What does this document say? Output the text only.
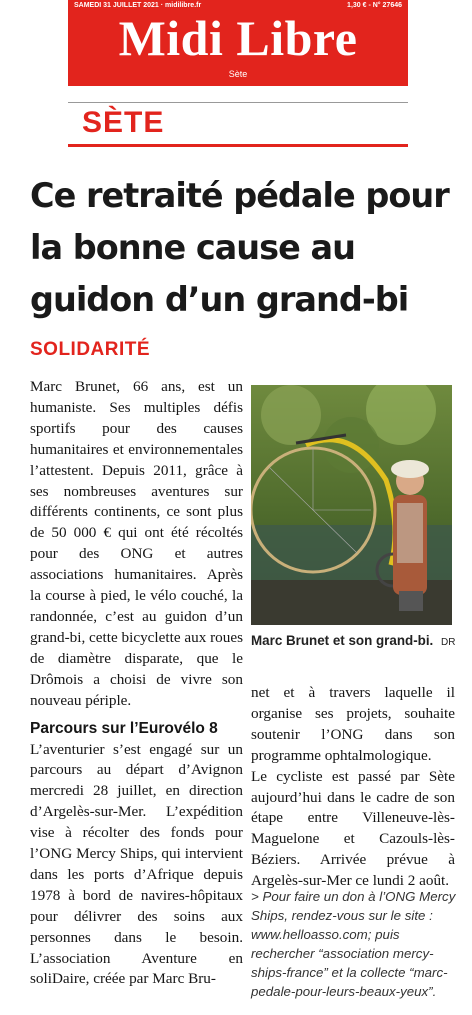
SAMEDI 31 JUILLET 2021 · midilibre.fr	1,30 € - N° 27646
Midi Libre
Sète
SÈTE
Ce retraité pédale pour la bonne cause au guidon d’un grand-bi
SOLIDARITÉ

Marc Brunet, 66 ans, est un humaniste. Ses multiples défis sportifs pour des causes humanitaires et environnementales l’attestent. Depuis 2011, grâce à ses nombreuses aventures sur différents continents, ce sont plus de 50 000 € qui ont été récoltés pour des ONG et autres associations humanitaires. Après la course à pied, le vélo couché, la randonnée, c’est au guidon d’un grand-bi, cette bicyclette aux roues de diamètre disparate, que le Drômois a choisi de vivre son nouveau périple.

Parcours sur l’Eurovélo 8

L’aventurier s’est engagé sur un parcours au départ d’Avignon mercredi 28 juillet, en direction d’Argelès-sur-Mer. L’expédition vise à récolter des fonds pour l’ONG Mercy Ships, qui intervient dans les ports d’Afrique depuis 1978 à bord de navires-hôpitaux pour délivrer des soins aux personnes dans le besoin. L’association Aventure en soliDaire, créée par Marc Bru-

Marc Brunet et son grand-bi. DR

net et à travers laquelle il organise ses projets, souhaite soutenir l’ONG dans son programme ophtalmologique.

Le cycliste est passé par Sète aujourd’hui dans le cadre de son étape entre Villeneuve-lès-Maguelone et Cazouls-lès-Béziers. Arrivée prévue à Argelès-sur-Mer ce lundi 2 août.

> Pour faire un don à l’ONG Mercy Ships, rendez-vous sur le site : www.helloasso.com; puis rechercher “association mercy-ships-france” et la collecte “marc-pedale-pour-leurs-beaux-yeux”.
